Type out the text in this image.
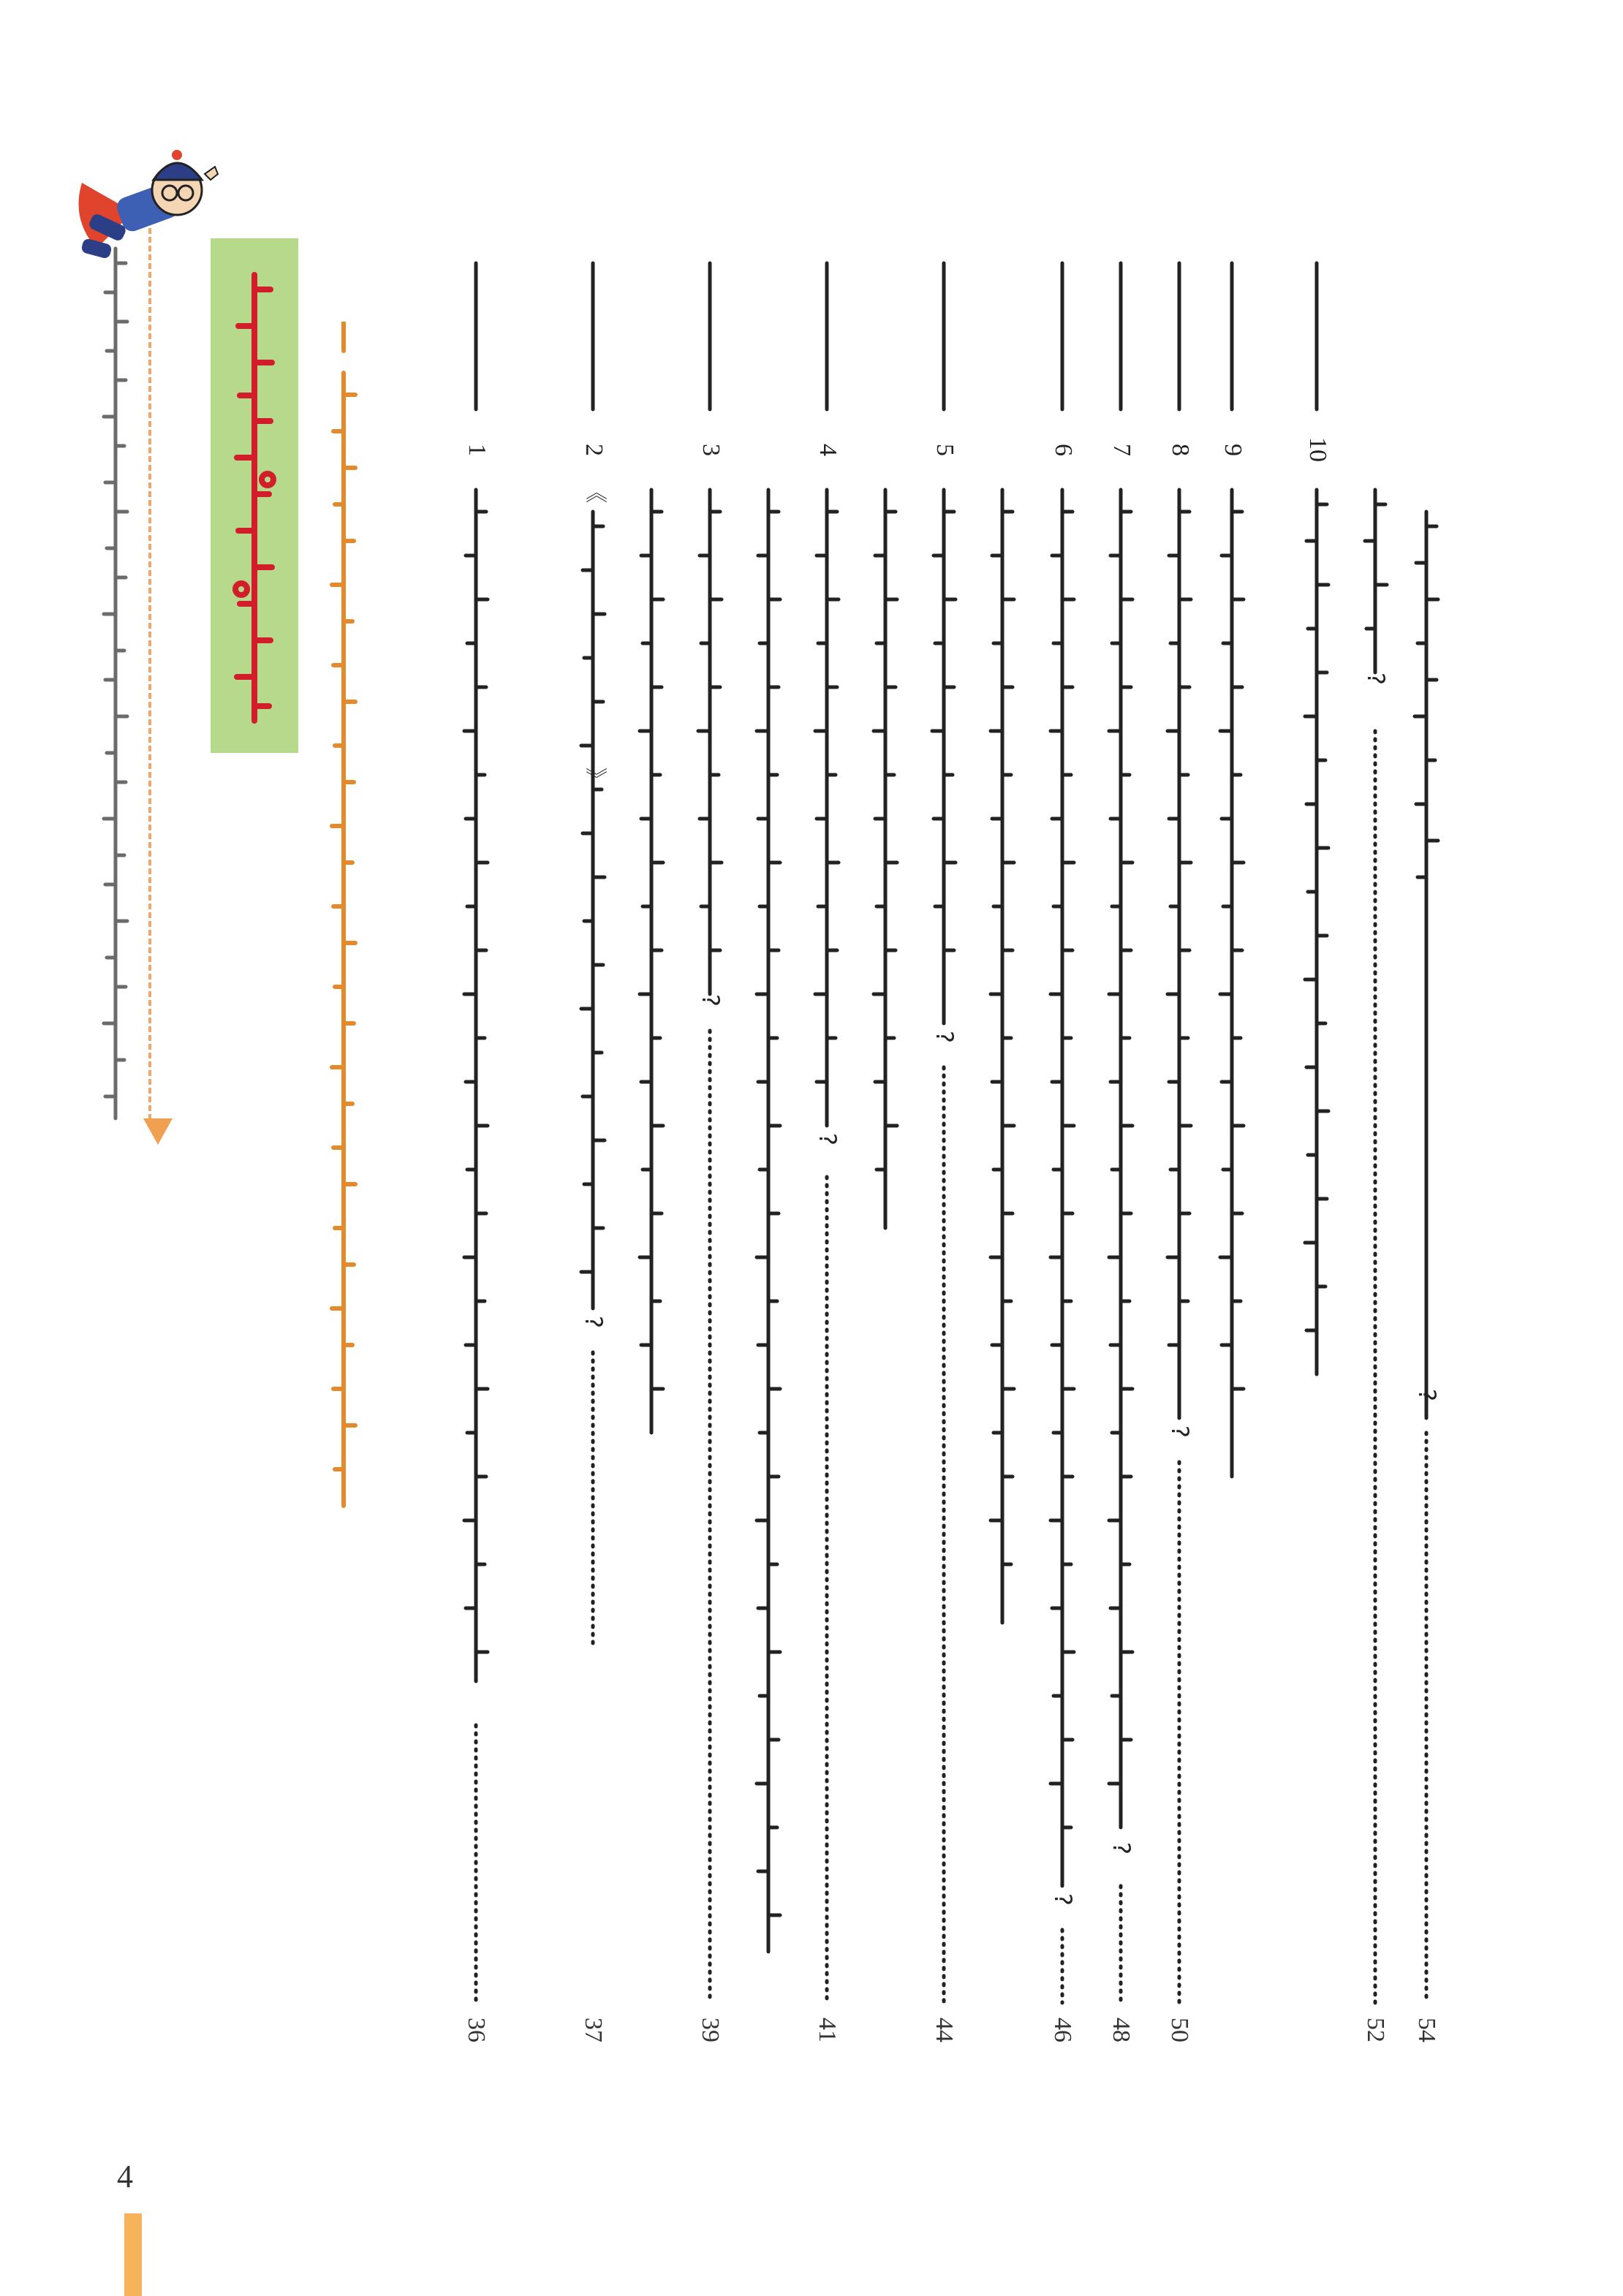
?
54
10
?
52
9
8
?
50
7
?
48
6
?
46
5
?
44
4
?
41
3
?
39
2
《
》
?
37
1
36
4
